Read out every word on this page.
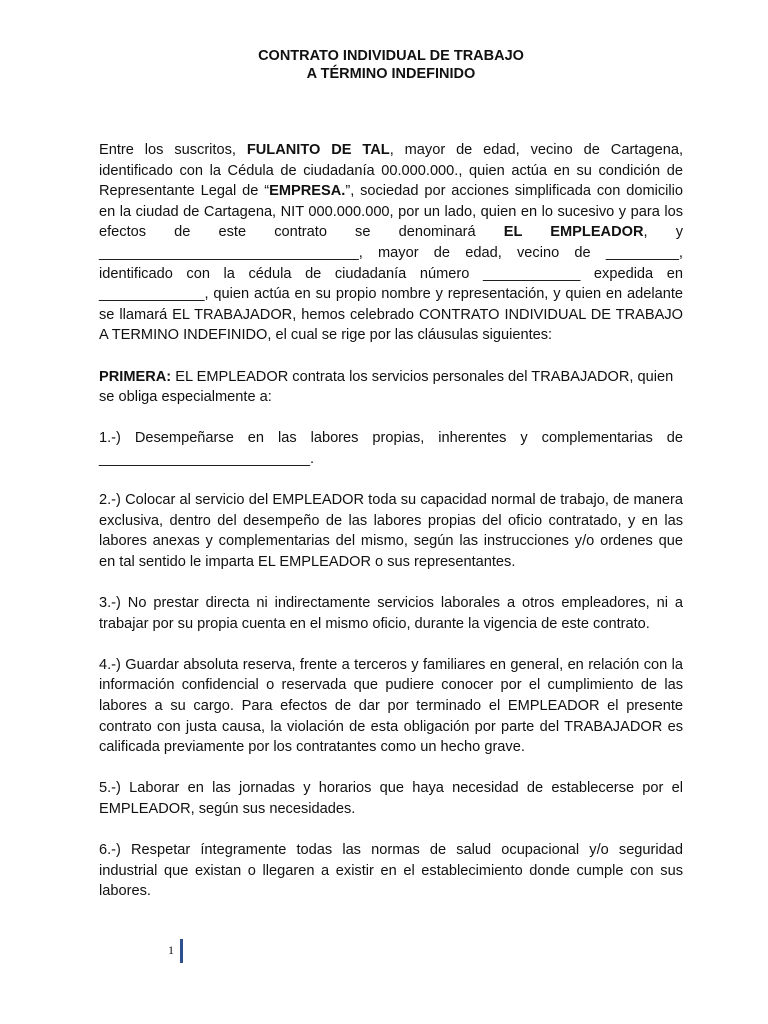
CONTRATO INDIVIDUAL DE TRABAJO
A TÉRMINO INDEFINIDO

Entre los suscritos, FULANITO DE TAL, mayor de edad, vecino de Cartagena, identificado con la Cédula de ciudadanía 00.000.000., quien actúa en su condición de Representante Legal de “EMPRESA.”, sociedad por acciones simplificada con domicilio en la ciudad de Cartagena, NIT 000.000.000, por un lado, quien en lo sucesivo y para los efectos de este contrato se denominará EL EMPLEADOR, y ________________________________, mayor de edad, vecino de _________, identificado con la cédula de ciudadanía número ____________ expedida en _____________, quien actúa en su propio nombre y representación, y quien en adelante se llamará EL TRABAJADOR, hemos celebrado CONTRATO INDIVIDUAL DE TRABAJO A TERMINO INDEFINIDO, el cual se rige por las cláusulas siguientes:

PRIMERA: EL EMPLEADOR contrata los servicios personales del TRABAJADOR, quien se obliga especialmente a:

1.-) Desempeñarse en las labores propias, inherentes y complementarias de __________________________.

2.-) Colocar al servicio del EMPLEADOR toda su capacidad normal de trabajo, de manera exclusiva, dentro del desempeño de las labores propias del oficio contratado, y en las labores anexas y complementarias del mismo, según las instrucciones y/o ordenes que en tal sentido le imparta EL EMPLEADOR o sus representantes.

3.-) No prestar directa ni indirectamente servicios laborales a otros empleadores, ni a trabajar por su propia cuenta en el mismo oficio, durante la vigencia de este contrato.

4.-) Guardar absoluta reserva, frente a terceros y familiares en general, en relación con la información confidencial o reservada que pudiere conocer por el cumplimiento de las labores a su cargo. Para efectos de dar por terminado el EMPLEADOR el presente contrato con justa causa, la violación de esta obligación por parte del TRABAJADOR es calificada previamente por los contratantes como un hecho grave.

5.-) Laborar en las jornadas y horarios que haya necesidad de establecerse por el EMPLEADOR, según sus necesidades.

6.-) Respetar íntegramente todas las normas de salud ocupacional y/o seguridad industrial que existan o llegaren a existir en el establecimiento donde cumple con sus labores.

1
